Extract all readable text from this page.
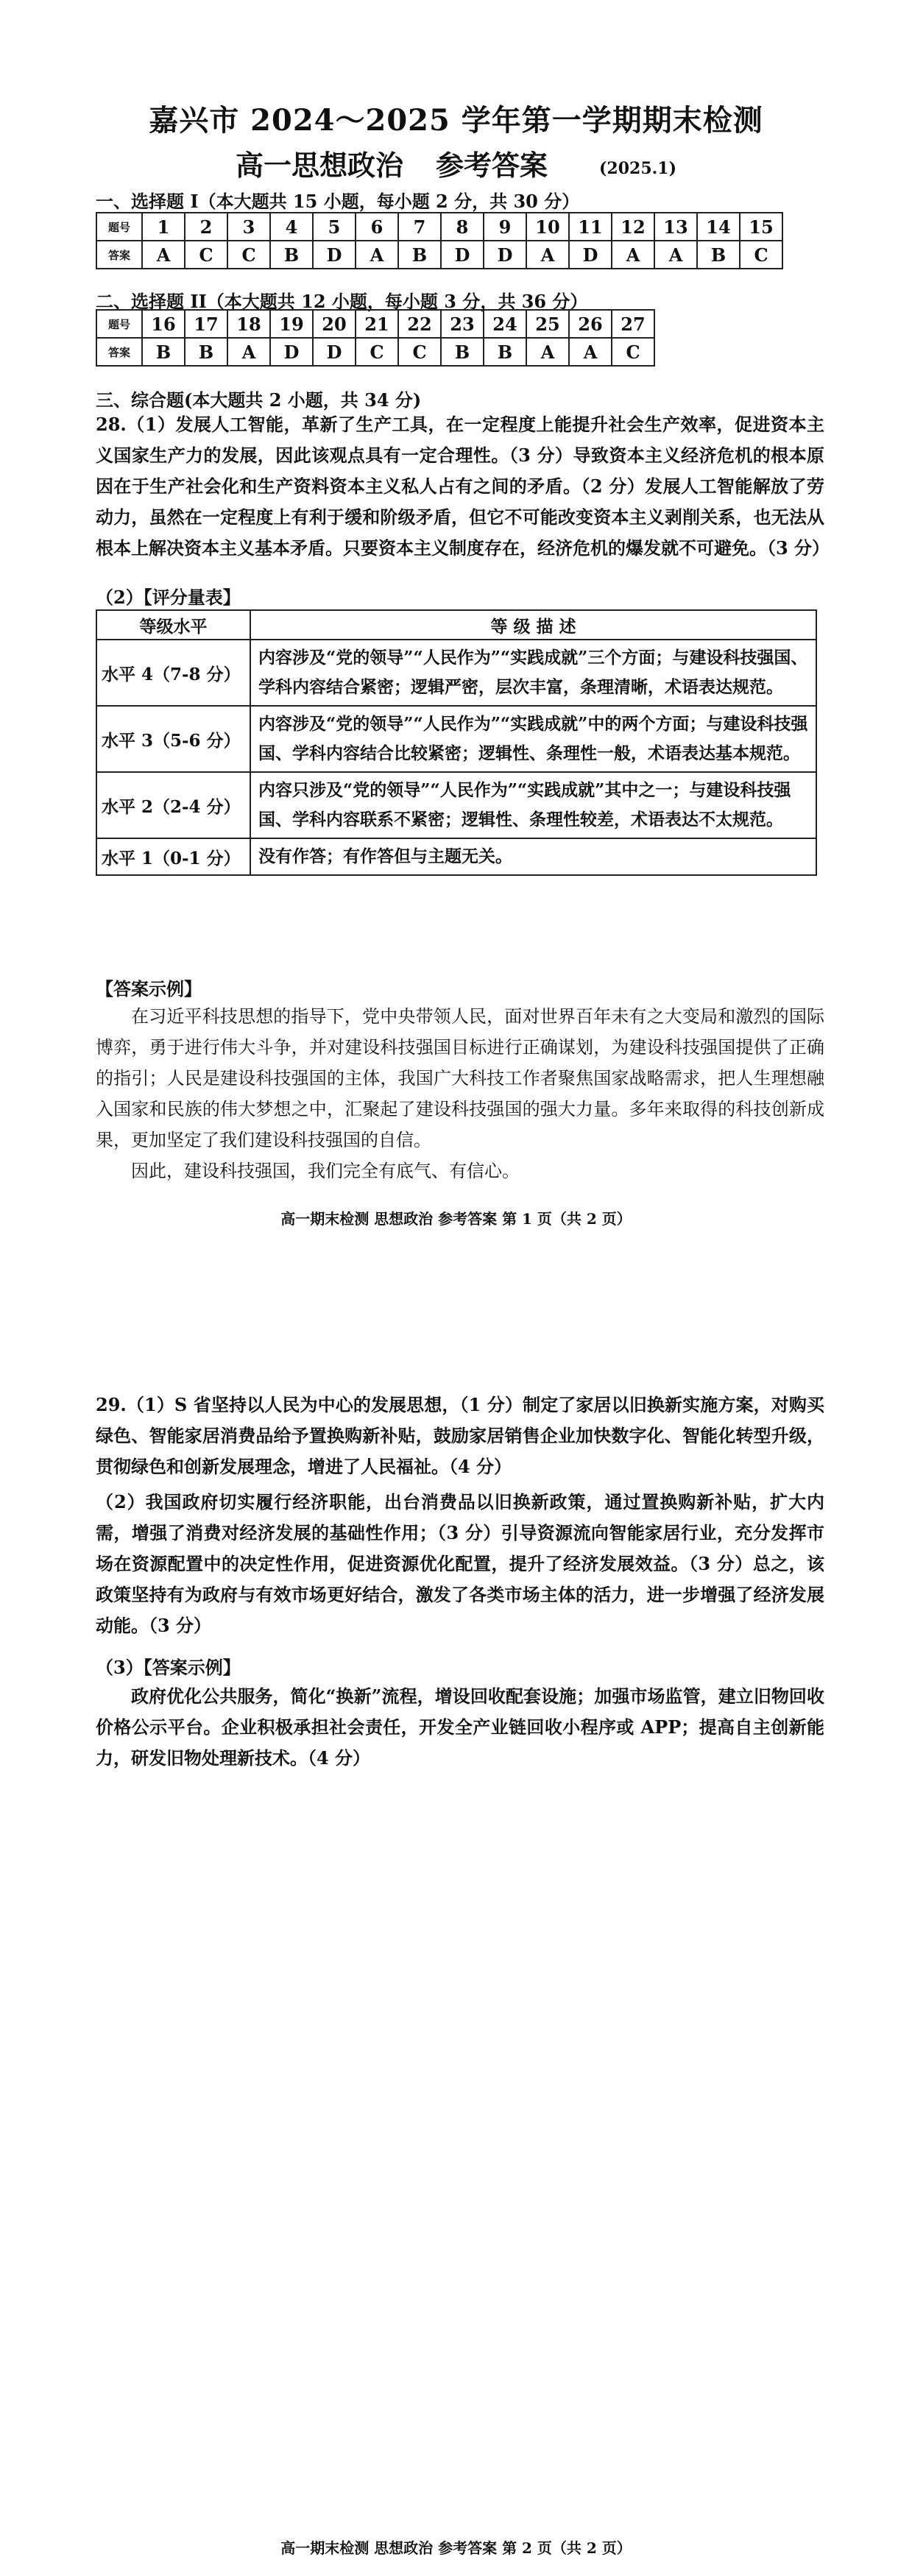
嘉兴市 2024～2025 学年第一学期期末检测
高一思想政治 参考答案	(2025.1)
一、选择题 I（本大题共 15 小题，每小题 2 分，共 30 分）
题号	1	2	3	4	5	6	7	8	9	10	11	12	13	14	15
答案	A	C	C	B	D	A	B	D	D	A	D	A	A	B	C
二、选择题 II（本大题共 12 小题，每小题 3 分，共 36 分）
题号	16	17	18	19	20	21	22	23	24	25	26	27
答案	B	B	A	D	D	C	C	B	B	A	A	C
三、综合题(本大题共 2 小题，共 34 分)
28.（1）发展人工智能，革新了生产工具，在一定程度上能提升社会生产效率，促进资本主义国家生产力的发展，因此该观点具有一定合理性。（3 分）导致资本主义经济危机的根本原因在于生产社会化和生产资料资本主义私人占有之间的矛盾。（2 分）发展人工智能解放了劳动力，虽然在一定程度上有利于缓和阶级矛盾，但它不可能改变资本主义剥削关系，也无法从根本上解决资本主义基本矛盾。只要资本主义制度存在，经济危机的爆发就不可避免。（3 分）
（2）【评分量表】
等级水平	等 级 描 述
水平 4（7-8 分）	内容涉及“党的领导”“人民作为”“实践成就”三个方面；与建设科技强国、学科内容结合紧密；逻辑严密，层次丰富，条理清晰，术语表达规范。
水平 3（5-6 分）	内容涉及“党的领导”“人民作为”“实践成就”中的两个方面；与建设科技强国、学科内容结合比较紧密；逻辑性、条理性一般，术语表达基本规范。
水平 2（2-4 分）	内容只涉及“党的领导”“人民作为”“实践成就”其中之一；与建设科技强国、学科内容联系不紧密；逻辑性、条理性较差，术语表达不太规范。
水平 1（0-1 分）	没有作答；有作答但与主题无关。
【答案示例】
在习近平科技思想的指导下，党中央带领人民，面对世界百年未有之大变局和激烈的国际博弈，勇于进行伟大斗争，并对建设科技强国目标进行正确谋划，为建设科技强国提供了正确的指引；人民是建设科技强国的主体，我国广大科技工作者聚焦国家战略需求，把人生理想融入国家和民族的伟大梦想之中，汇聚起了建设科技强国的强大力量。多年来取得的科技创新成果，更加坚定了我们建设科技强国的自信。
因此，建设科技强国，我们完全有底气、有信心。
高一期末检测 思想政治 参考答案 第 1 页（共 2 页）
29.（1）S 省坚持以人民为中心的发展思想，（1 分）制定了家居以旧换新实施方案，对购买绿色、智能家居消费品给予置换购新补贴，鼓励家居销售企业加快数字化、智能化转型升级，贯彻绿色和创新发展理念，增进了人民福祉。（4 分）
（2）我国政府切实履行经济职能，出台消费品以旧换新政策，通过置换购新补贴，扩大内需，增强了消费对经济发展的基础性作用；（3 分）引导资源流向智能家居行业，充分发挥市场在资源配置中的决定性作用，促进资源优化配置，提升了经济发展效益。（3 分）总之，该政策坚持有为政府与有效市场更好结合，激发了各类市场主体的活力，进一步增强了经济发展动能。（3 分）
（3）【答案示例】
政府优化公共服务，简化“换新”流程，增设回收配套设施；加强市场监管，建立旧物回收价格公示平台。企业积极承担社会责任，开发全产业链回收小程序或 APP；提高自主创新能力，研发旧物处理新技术。（4 分）
高一期末检测 思想政治 参考答案 第 2 页（共 2 页）
